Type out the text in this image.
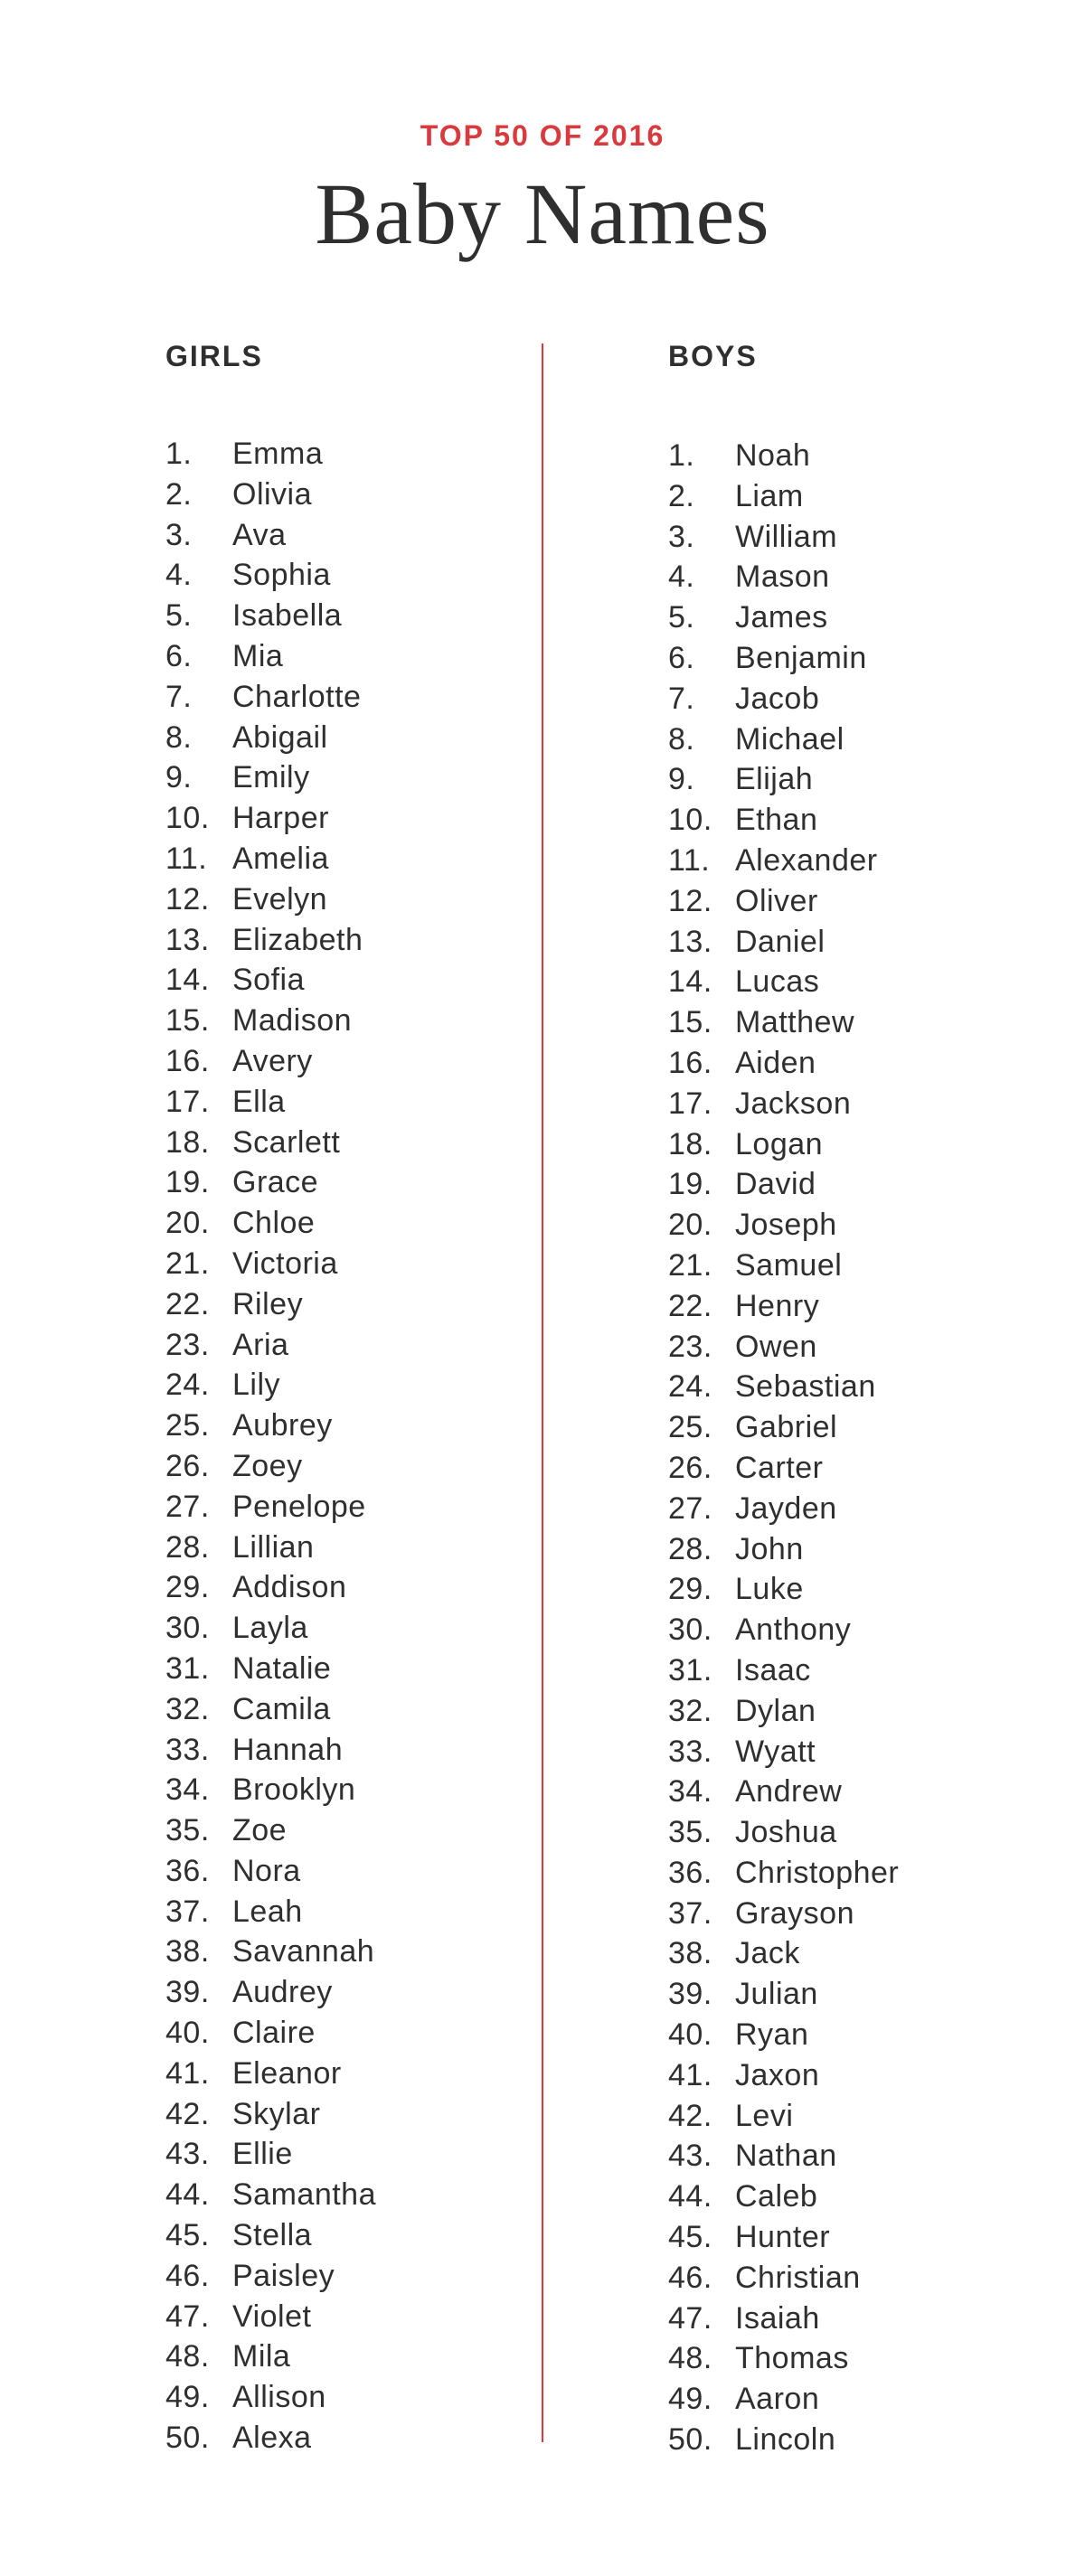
TOP 50 OF 2016
Baby Names
GIRLS
1.	Emma
2.	Olivia
3.	Ava
4.	Sophia
5.	Isabella
6.	Mia
7.	Charlotte
8.	Abigail
9.	Emily
10. Harper
11. Amelia
12. Evelyn
13. Elizabeth
14. Sofia
15. Madison
16. Avery
17. Ella
18. Scarlett
19. Grace
20. Chloe
21. Victoria
22. Riley
23. Aria
24. Lily
25. Aubrey
26. Zoey
27. Penelope
28. Lillian
29. Addison
30. Layla
31. Natalie
32. Camila
33. Hannah
34. Brooklyn
35. Zoe
36. Nora
37. Leah
38. Savannah
39. Audrey
40. Claire
41. Eleanor
42. Skylar
43. Ellie
44. Samantha
45. Stella
46. Paisley
47. Violet
48. Mila
49. Allison
50. Alexa
BOYS
1.	Noah
2.	Liam
3.	William
4.	Mason
5.	James
6.	Benjamin
7.	Jacob
8.	Michael
9.	Elijah
10. Ethan
11. Alexander
12. Oliver
13. Daniel
14. Lucas
15. Matthew
16. Aiden
17. Jackson
18. Logan
19. David
20. Joseph
21. Samuel
22. Henry
23. Owen
24. Sebastian
25. Gabriel
26. Carter
27. Jayden
28. John
29. Luke
30. Anthony
31. Isaac
32. Dylan
33. Wyatt
34. Andrew
35. Joshua
36. Christopher
37. Grayson
38. Jack
39. Julian
40. Ryan
41. Jaxon
42. Levi
43. Nathan
44. Caleb
45. Hunter
46. Christian
47. Isaiah
48. Thomas
49. Aaron
50. Lincoln
